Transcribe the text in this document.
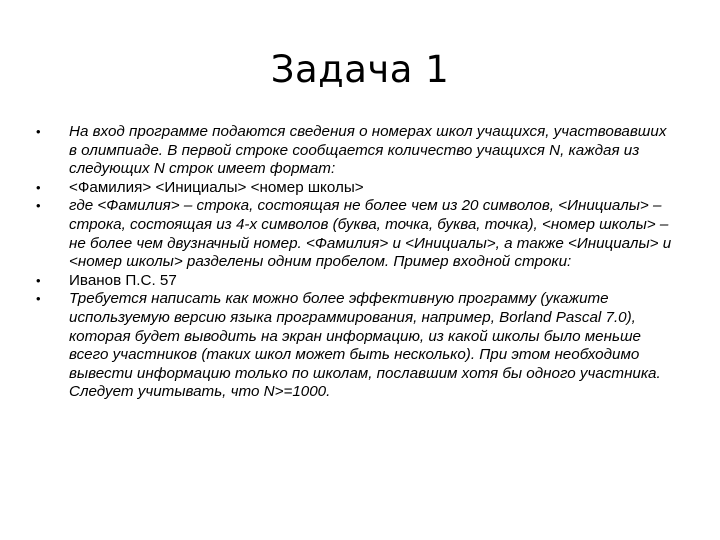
Задача 1
•	На вход программе подаются сведения о номерах школ учащихся, участвовавших в олимпиаде. В первой строке сообщается количество учащихся N, каждая из следующих N строк имеет формат:
•	<Фамилия> <Инициалы> <номер школы>
•	где <Фамилия> – строка, состоящая не более чем из 20 символов, <Инициалы> – строка, состоящая из 4-х символов (буква, точка, буква, точка), <номер школы> – не более чем двузначный номер. <Фамилия> и <Инициалы>, а также <Инициалы> и <номер школы> разделены одним пробелом. Пример входной строки:
•	Иванов П.С. 57
•	Требуется написать как можно более эффективную программу (укажите используемую версию языка программирования, например, Borland Pascal 7.0), которая будет выводить на экран информацию, из какой школы было меньше всего участников (таких школ может быть несколько). При этом необходимо вывести информацию только по школам, пославшим хотя бы одного участника. Следует учитывать, что N>=1000.
